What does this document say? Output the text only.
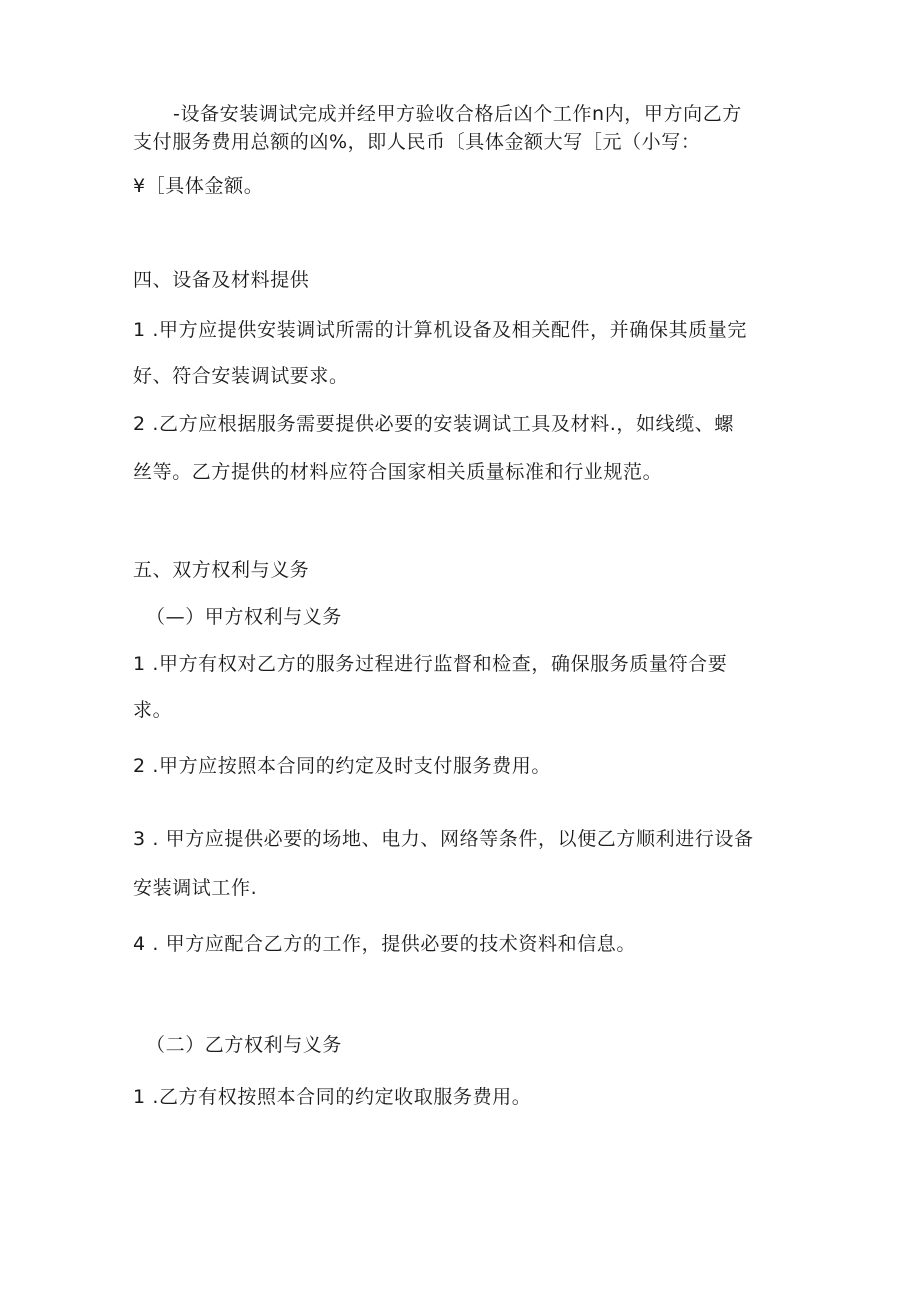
-设备安装调试完成并经甲方验收合格后凶个工作n内，甲方向乙方
支付服务费用总额的凶%，即人民币〔具体金额大写［元（小写：
¥［具体金额。
四、设备及材料提供
1 .甲方应提供安装调试所需的计算机设备及相关配件，并确保其质量完
好、符合安装调试要求。
2 .乙方应根据服务需要提供必要的安装调试工具及材料.，如线缆、螺
丝等。乙方提供的材料应符合国家相关质量标准和行业规范。
五、双方权利与义务
（—）甲方权利与义务
1 .甲方有权对乙方的服务过程进行监督和检查，确保服务质量符合要
求。
2 .甲方应按照本合同的约定及时支付服务费用。
3 . 甲方应提供必要的场地、电力、网络等条件，以便乙方顺利进行设备
安装调试工作.
4 . 甲方应配合乙方的工作，提供必要的技术资料和信息。
（二）乙方权利与义务
1 .乙方有权按照本合同的约定收取服务费用。
